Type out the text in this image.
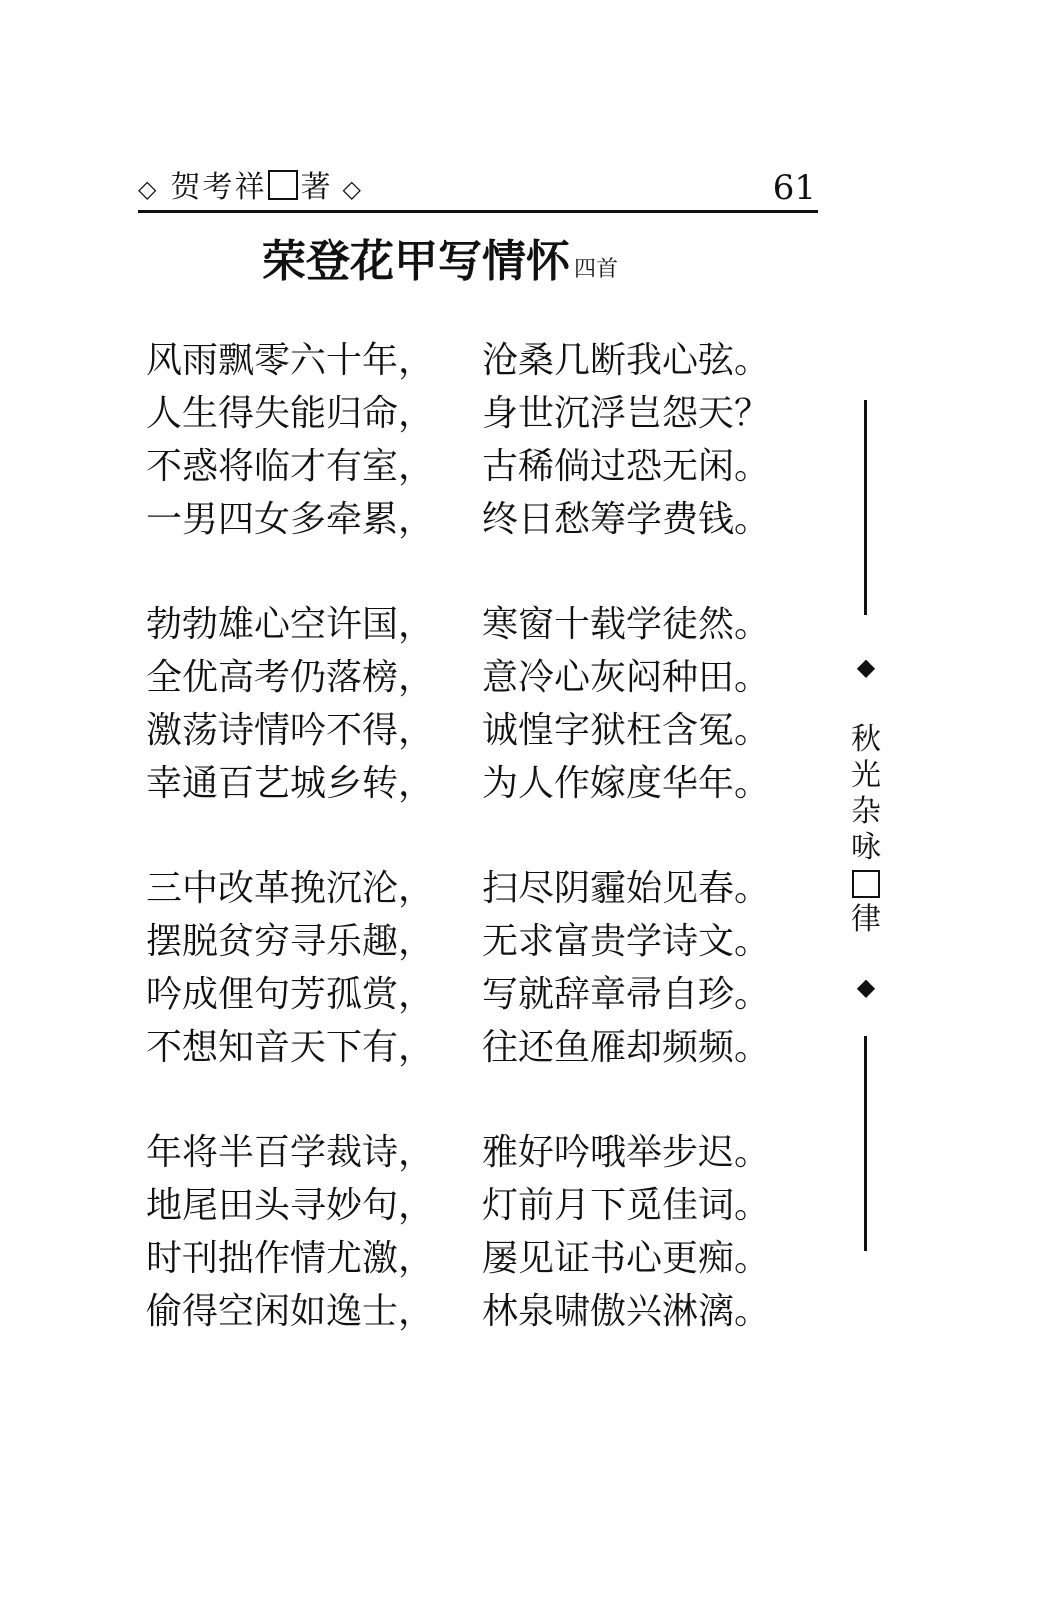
◇ 贺考祥 著 ◇	61
荣登花甲写情怀 四首
风雨飘零六十年， 沧桑几断我心弦。
人生得失能归命， 身世沉浮岂怨天？
不惑将临才有室， 古稀倘过恐无闲。
一男四女多牵累， 终日愁筹学费钱。
勃勃雄心空许国， 寒窗十载学徒然。
全优高考仍落榜， 意冷心灰闷种田。
激荡诗情吟不得， 诚惶字狱枉含冤。
幸通百艺城乡转， 为人作嫁度华年。
三中改革挽沉沦， 扫尽阴霾始见春。
摆脱贫穷寻乐趣， 无求富贵学诗文。
吟成俚句芳孤赏， 写就辞章帚自珍。
不想知音天下有， 往还鱼雁却频频。
年将半百学裁诗， 雅好吟哦举步迟。
地尾田头寻妙句， 灯前月下觅佳词。
时刊拙作情尤激， 屡见证书心更痴。
偷得空闲如逸士， 林泉啸傲兴淋漓。
◆
秋
光
杂
咏
律
◆
